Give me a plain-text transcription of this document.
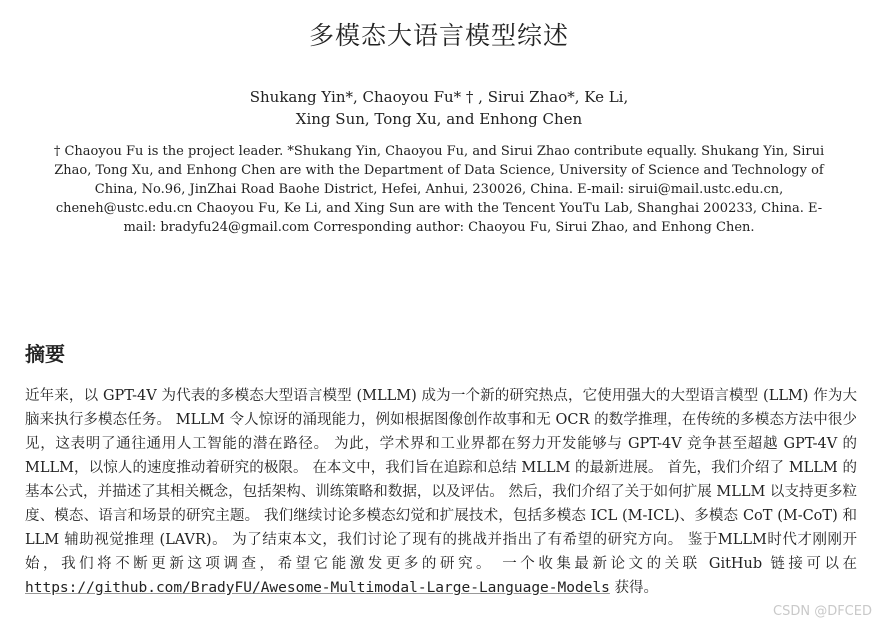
多模态大语言模型综述
Shukang Yin*, Chaoyou Fu* † , Sirui Zhao*, Ke Li,
Xing Sun, Tong Xu, and Enhong Chen
† Chaoyou Fu is the project leader. *Shukang Yin, Chaoyou Fu, and Sirui Zhao contribute equally. Shukang Yin, Sirui Zhao, Tong Xu, and Enhong Chen are with the Department of Data Science, University of Science and Technology of China, No.96, JinZhai Road Baohe District, Hefei, Anhui, 230026, China. E-mail: sirui@mail.ustc.edu.cn, cheneh@ustc.edu.cn Chaoyou Fu, Ke Li, and Xing Sun are with the Tencent YouTu Lab, Shanghai 200233, China. E-mail: bradyfu24@gmail.com Corresponding author: Chaoyou Fu, Sirui Zhao, and Enhong Chen.
摘要
近年来，以 GPT-4V 为代表的多模态大型语言模型 (MLLM) 成为一个新的研究热点，它使用强大的大型语言模型 (LLM) 作为大脑来执行多模态任务。 MLLM 令人惊讶的涌现能力，例如根据图像创作故事和无 OCR 的数学推理，在传统的多模态方法中很少见，这表明了通往通用人工智能的潜在路径。 为此，学术界和工业界都在努力开发能够与 GPT-4V 竞争甚至超越 GPT-4V 的 MLLM，以惊人的速度推动着研究的极限。 在本文中，我们旨在追踪和总结 MLLM 的最新进展。 首先，我们介绍了 MLLM 的基本公式，并描述了其相关概念，包括架构、训练策略和数据，以及评估。 然后，我们介绍了关于如何扩展 MLLM 以支持更多粒度、模态、语言和场景的研究主题。 我们继续讨论多模态幻觉和扩展技术，包括多模态 ICL (M-ICL)、多模态 CoT (M-CoT) 和 LLM 辅助视觉推理 (LAVR)。 为了结束本文，我们讨论了现有的挑战并指出了有希望的研究方向。 鉴于MLLM时代才刚刚开始，我们将不断更新这项调查，希望它能激发更多的研究。 一个收集最新论文的关联 GitHub 链接可以在 https://github.com/BradyFU/Awesome-Multimodal-Large-Language-Models 获得。
CSDN @DFCED
